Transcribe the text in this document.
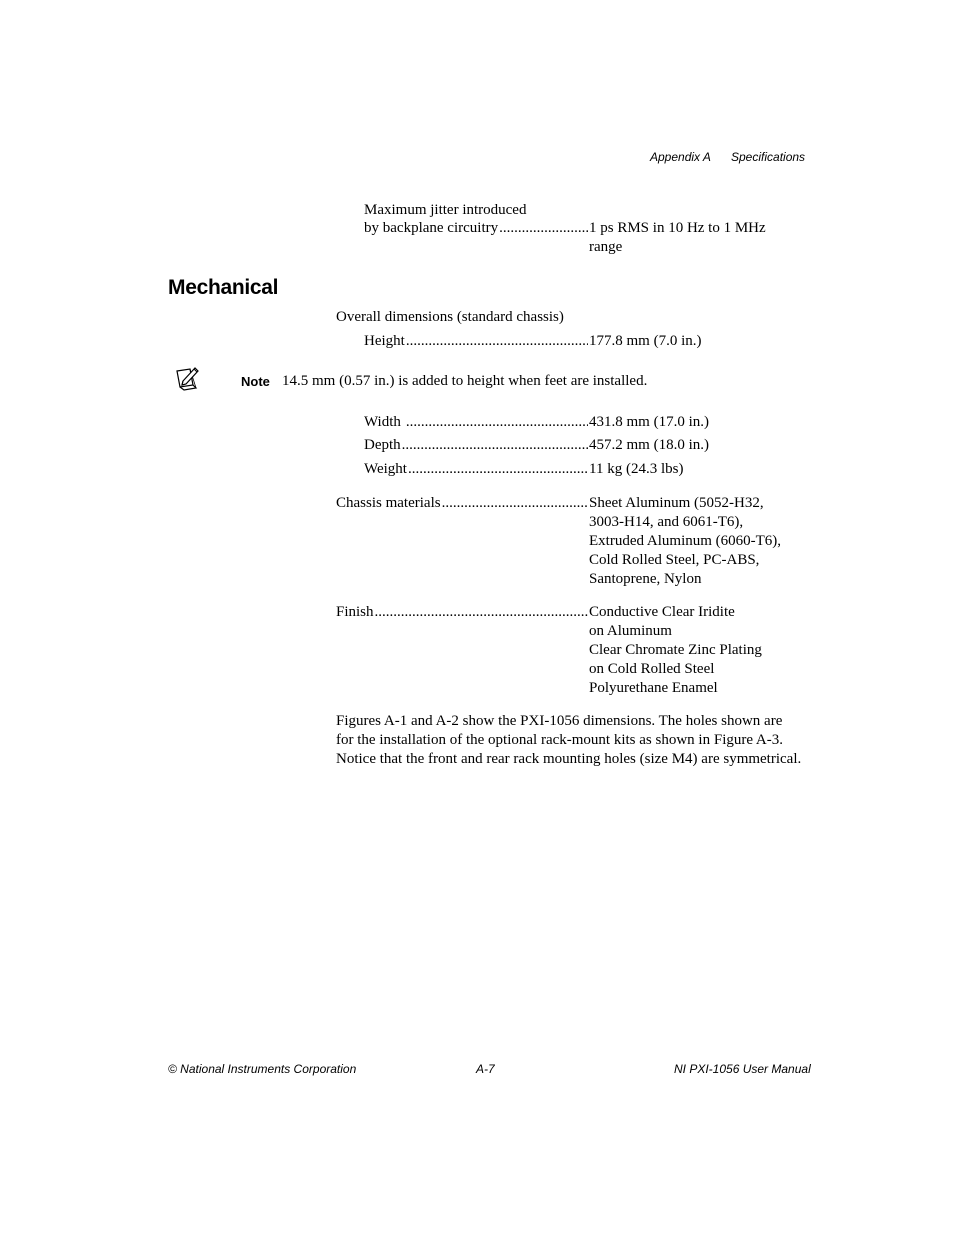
Appendix A Specifications
Maximum jitter introduced
by backplane circuitry .....	1 ps RMS in 10 Hz to 1 MHz range
Mechanical
Overall dimensions (standard chassis)
Height .....	177.8 mm (7.0 in.)
Note 14.5 mm (0.57 in.) is added to height when feet are installed.
Width .....	431.8 mm (17.0 in.)
Depth .....	457.2 mm (18.0 in.)
Weight .....	11 kg (24.3 lbs)
Chassis materials .....	Sheet Aluminum (5052-H32, 3003-H14, and 6061-T6), Extruded Aluminum (6060-T6), Cold Rolled Steel, PC-ABS, Santoprene, Nylon
Finish .....	Conductive Clear Iridite
on Aluminum
Clear Chromate Zinc Plating
on Cold Rolled Steel
Polyurethane Enamel
Figures A-1 and A-2 show the PXI-1056 dimensions. The holes shown are for the installation of the optional rack-mount kits as shown in Figure A-3. Notice that the front and rear rack mounting holes (size M4) are symmetrical.
© National Instruments Corporation	A-7	NI PXI-1056 User Manual
